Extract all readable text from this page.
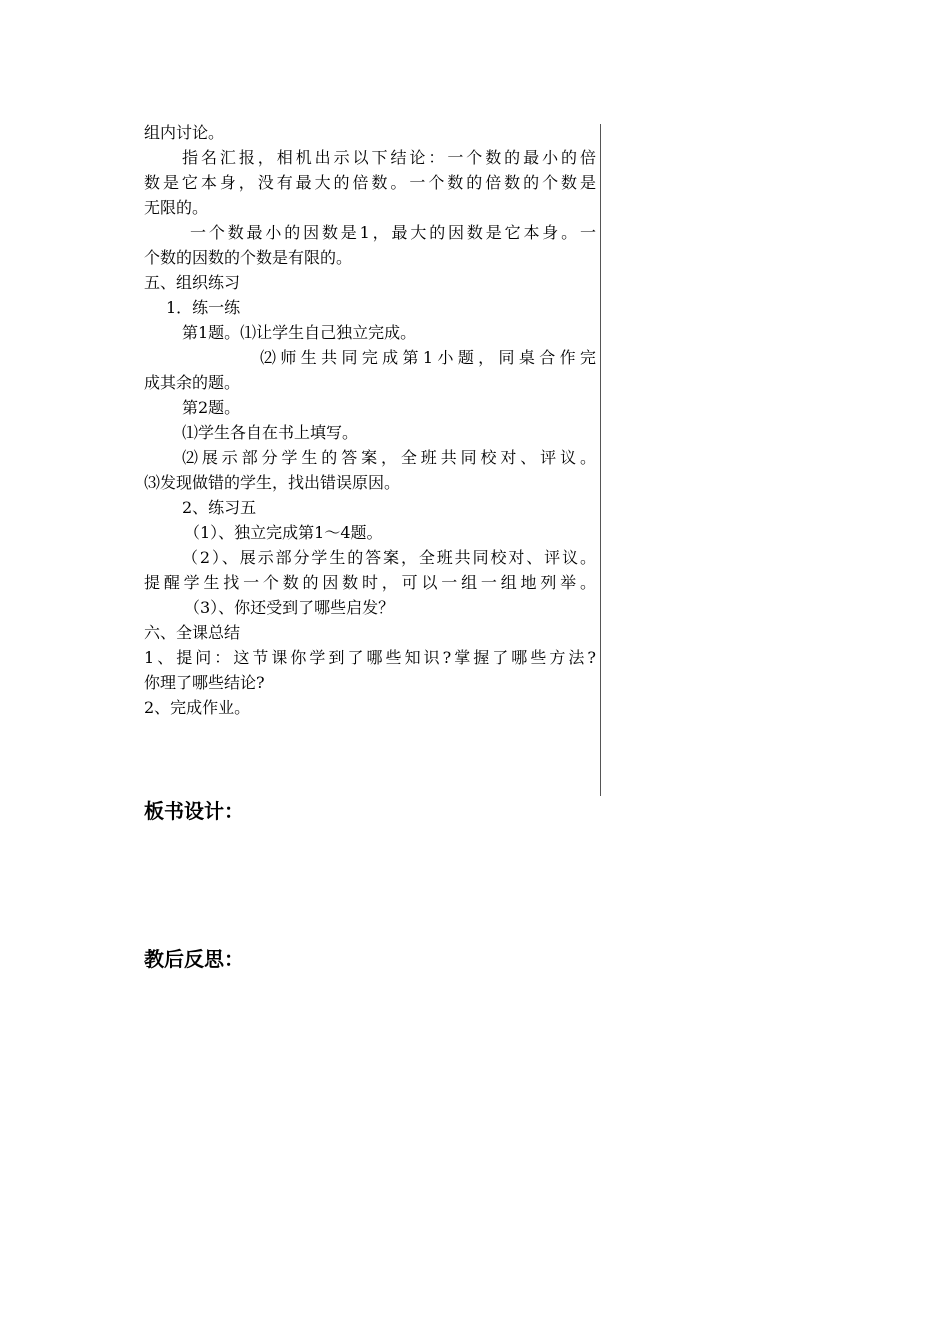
组内讨论。
指名汇报，相机出示以下结论：一个数的最小的倍
数是它本身，没有最大的倍数。一个数的倍数的个数是
无限的。
一个数最小的因数是1，最大的因数是它本身。一
个数的因数的个数是有限的。
五、组织练习
1．练一练
第1题。⑴让学生自己独立完成。
⑵师生共同完成第1小题，同桌合作完
成其余的题。
第2题。
⑴学生各自在书上填写。
⑵展示部分学生的答案，全班共同校对、评议。
⑶发现做错的学生，找出错误原因。
2、练习五
（1）、独立完成第1～4题。
（2）、展示部分学生的答案，全班共同校对、评议。
提醒学生找一个数的因数时，可以一组一组地列举。
（3）、你还受到了哪些启发？
六、全课总结
1、提问：这节课你学到了哪些知识?掌握了哪些方法?
你理了哪些结论?
2、完成作业。
板书设计：
教后反思：
